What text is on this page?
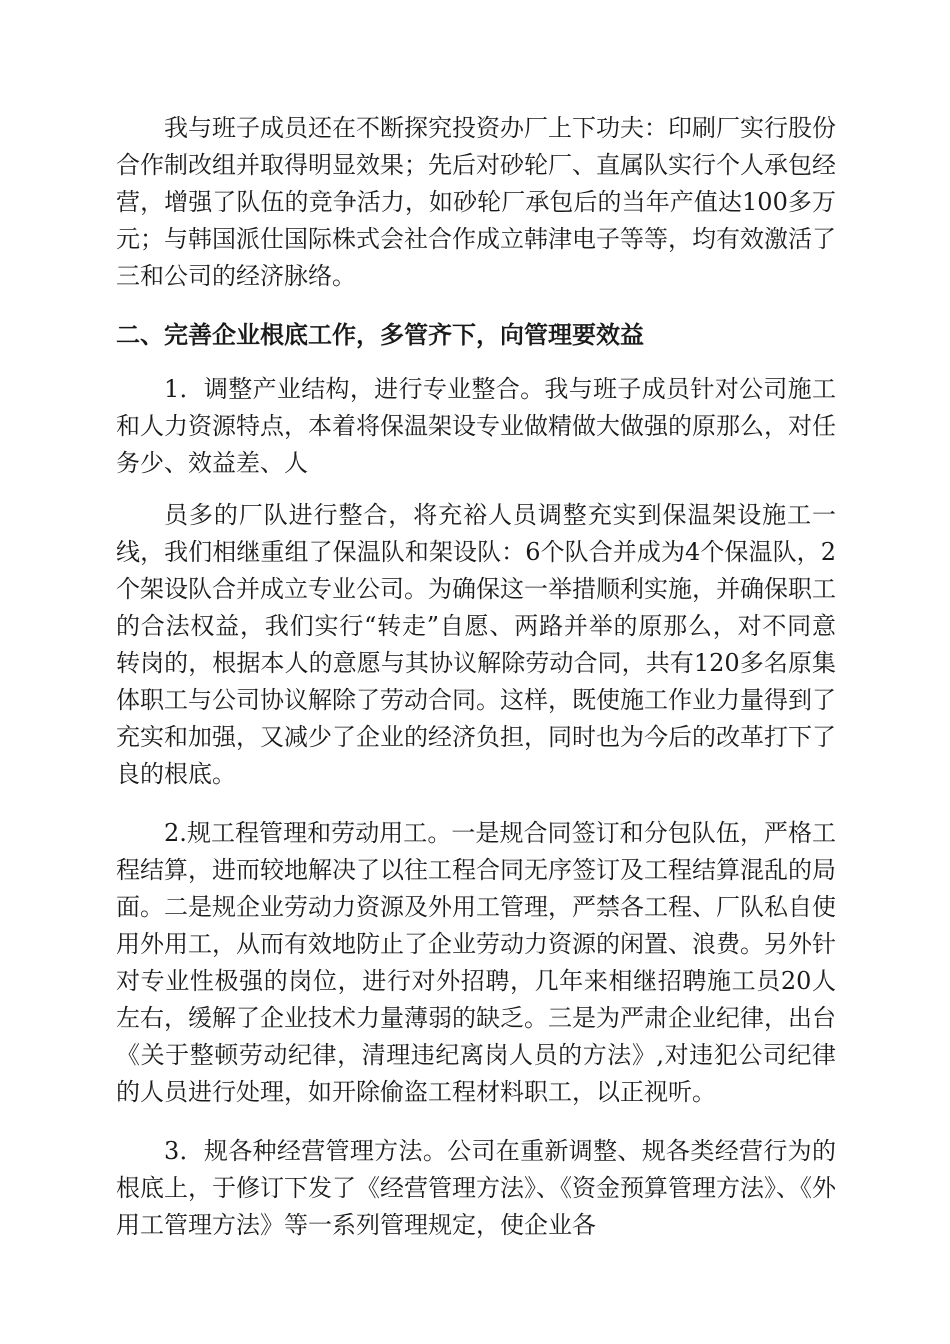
我与班子成员还在不断探究投资办厂上下功夫：印刷厂实行股份合作制改组并取得明显效果；先后对砂轮厂、直属队实行个人承包经营，增强了队伍的竞争活力，如砂轮厂承包后的当年产值达100多万元；与韩国派仕国际株式会社合作成立韩津电子等等，均有效激活了三和公司的经济脉络。

二、完善企业根底工作，多管齐下，向管理要效益

1．调整产业结构，进行专业整合。我与班子成员针对公司施工和人力资源特点，本着将保温架设专业做精做大做强的原那么，对任务少、效益差、人

员多的厂队进行整合，将充裕人员调整充实到保温架设施工一线，我们相继重组了保温队和架设队：6个队合并成为4个保温队，2个架设队合并成立专业公司。为确保这一举措顺利实施，并确保职工的合法权益，我们实行“转走”自愿、两路并举的原那么，对不同意转岗的，根据本人的意愿与其协议解除劳动合同，共有120多名原集体职工与公司协议解除了劳动合同。这样，既使施工作业力量得到了充实和加强，又减少了企业的经济负担，同时也为今后的改革打下了良的根底。

2.规工程管理和劳动用工。一是规合同签订和分包队伍，严格工程结算，进而较地解决了以往工程合同无序签订及工程结算混乱的局面。二是规企业劳动力资源及外用工管理，严禁各工程、厂队私自使用外用工，从而有效地防止了企业劳动力资源的闲置、浪费。另外针对专业性极强的岗位，进行对外招聘，几年来相继招聘施工员20人左右，缓解了企业技术力量薄弱的缺乏。三是为严肃企业纪律，出台《关于整顿劳动纪律，清理违纪离岗人员的方法》,对违犯公司纪律的人员进行处理，如开除偷盗工程材料职工，以正视听。

3．规各种经营管理方法。公司在重新调整、规各类经营行为的根底上，于修订下发了《经营管理方法》、《资金预算管理方法》、《外用工管理方法》等一系列管理规定，使企业各
